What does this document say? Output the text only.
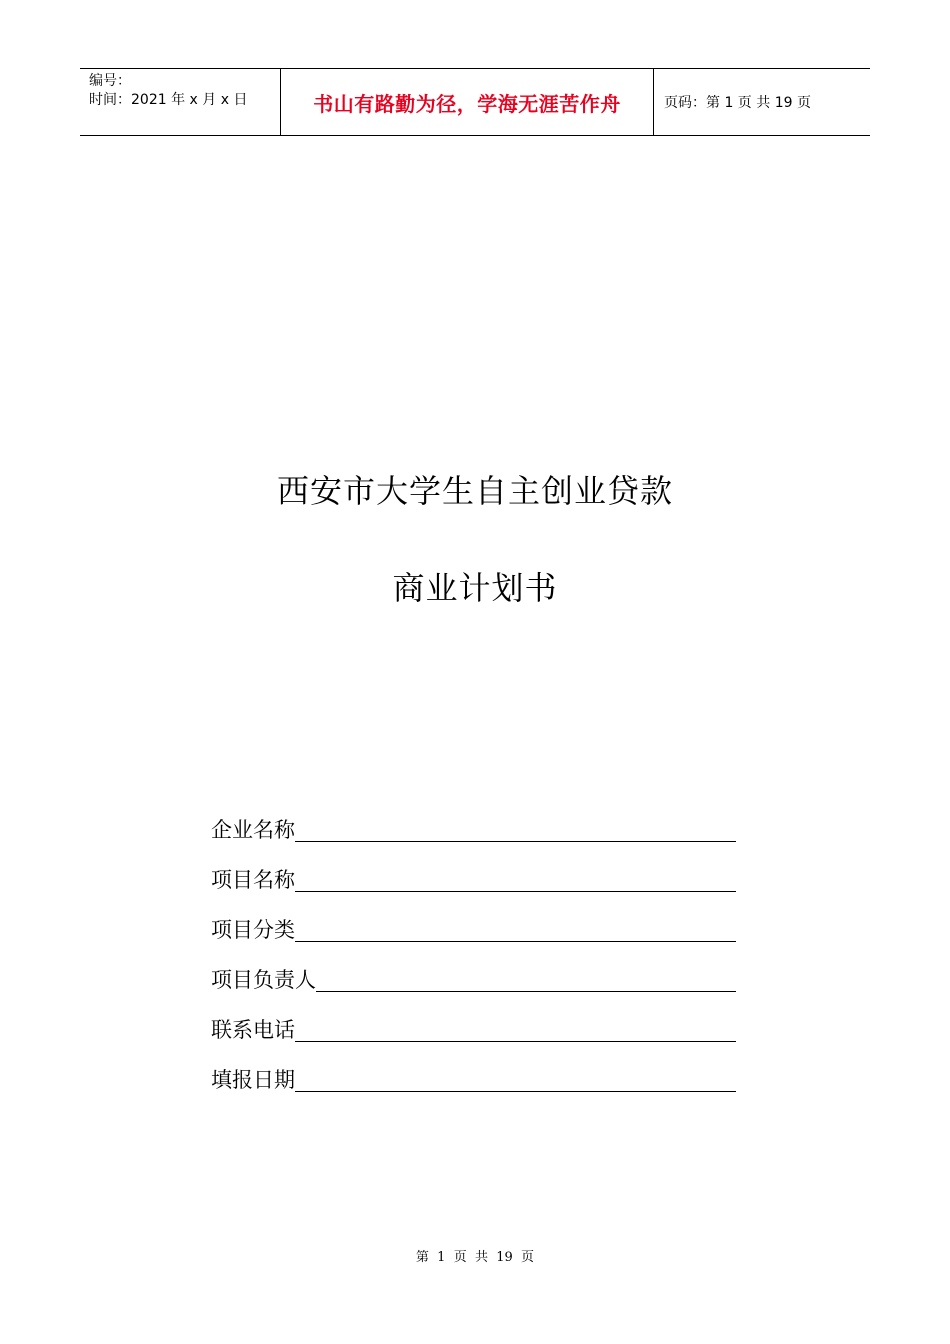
编号：
时间：2021 年 x 月 x 日	书山有路勤为径，学海无涯苦作舟	页码：第 1 页 共 19 页
西安市大学生自主创业贷款
商业计划书
企业名称
项目名称
项目分类
项目负责人
联系电话
填报日期
第  1  页  共  19  页
